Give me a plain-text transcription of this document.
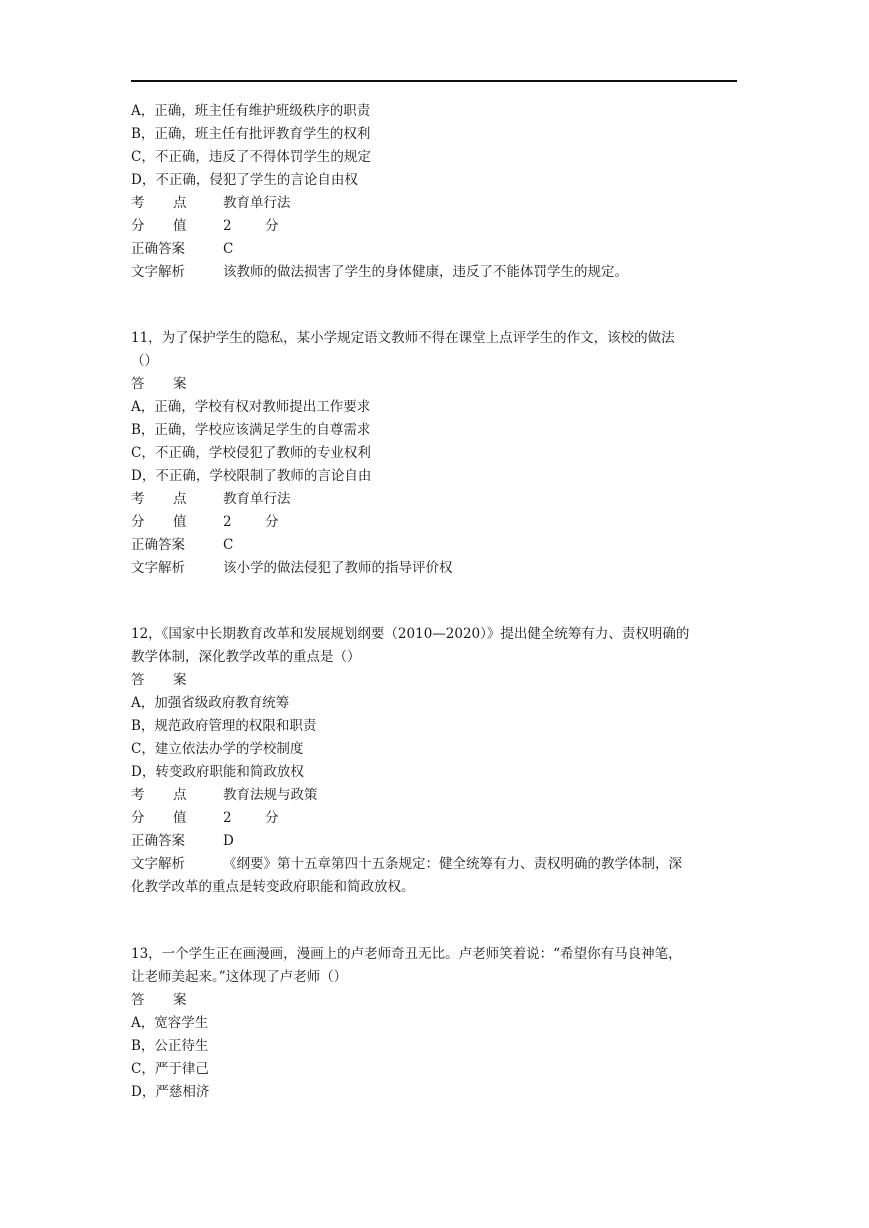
A，正确，班主任有维护班级秩序的职责
B，正确，班主任有批评教育学生的权利
C，不正确，违反了不得体罚学生的规定
D，不正确，侵犯了学生的言论自由权
考 点	教育单行法
分 值	2 分
正确答案	C
文字解析	该教师的做法损害了学生的身体健康，违反了不能体罚学生的规定。
11，为了保护学生的隐私，某小学规定语文教师不得在课堂上点评学生的作文，该校的做法
（）
答 案
A，正确，学校有权对教师提出工作要求
B，正确，学校应该满足学生的自尊需求
C，不正确，学校侵犯了教师的专业权利
D，不正确，学校限制了教师的言论自由
考 点	教育单行法
分 值	2 分
正确答案	C
文字解析	该小学的做法侵犯了教师的指导评价权
12，《国家中长期教育改革和发展规划纲要（2010—2020）》提出健全统筹有力、责权明确的
教学体制，深化教学改革的重点是（）
答 案
A，加强省级政府教育统筹
B，规范政府管理的权限和职责
C，建立依法办学的学校制度
D，转变政府职能和简政放权
考 点	教育法规与政策
分 值	2 分
正确答案	D
文字解析	《纲要》第十五章第四十五条规定：健全统筹有力、责权明确的教学体制，深
化教学改革的重点是转变政府职能和简政放权。
13，一个学生正在画漫画，漫画上的卢老师奇丑无比。卢老师笑着说：“希望你有马良神笔，
让老师美起来。”这体现了卢老师（）
答 案
A，宽容学生
B，公正待生
C，严于律己
D，严慈相济
